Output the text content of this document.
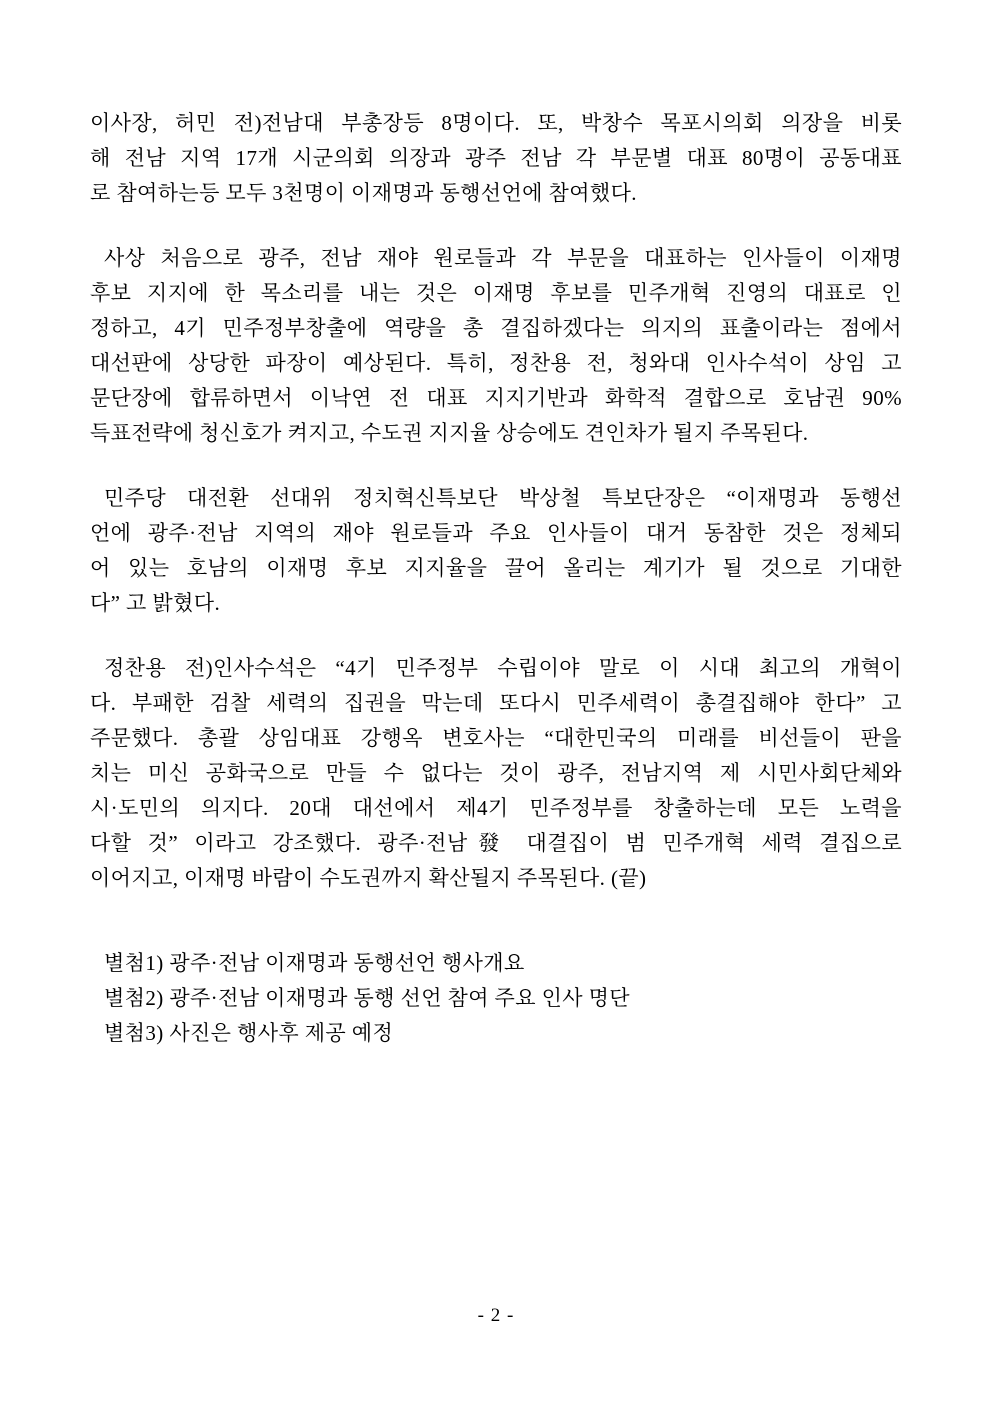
이사장, 허민 전)전남대 부총장등 8명이다. 또, 박창수 목포시의회 의장을 비롯
해 전남 지역 17개 시군의회 의장과 광주 전남 각 부문별 대표 80명이 공동대표
로 참여하는등 모두 3천명이 이재명과 동행선언에 참여했다.
사상 처음으로 광주, 전남 재야 원로들과 각 부문을 대표하는 인사들이 이재명
후보 지지에 한 목소리를 내는 것은 이재명 후보를 민주개혁 진영의 대표로 인
정하고, 4기 민주정부창출에 역량을 총 결집하겠다는 의지의 표출이라는 점에서
대선판에 상당한 파장이 예상된다. 특히, 정찬용 전, 청와대 인사수석이 상임 고
문단장에 합류하면서 이낙연 전 대표 지지기반과 화학적 결합으로 호남권 90%
득표전략에 청신호가 켜지고, 수도권 지지율 상승에도 견인차가 될지 주목된다.
민주당 대전환 선대위 정치혁신특보단 박상철 특보단장은 “이재명과 동행선
언에 광주·전남 지역의 재야 원로들과 주요 인사들이 대거 동참한 것은 정체되
어 있는 호남의 이재명 후보 지지율을 끌어 올리는 계기가 될 것으로 기대한
다” 고 밝혔다.
정찬용 전)인사수석은 “4기 민주정부 수립이야 말로 이 시대 최고의 개혁이
다. 부패한 검찰 세력의 집권을 막는데 또다시 민주세력이 총결집해야 한다” 고
주문했다. 총괄 상임대표 강행옥 변호사는 “대한민국의 미래를 비선들이 판을
치는 미신 공화국으로 만들 수 없다는 것이 광주, 전남지역 제 시민사회단체와
시·도민의 의지다. 20대 대선에서 제4기 민주정부를 창출하는데 모든 노력을
다할 것” 이라고 강조했다. 광주·전남發 대결집이 범 민주개혁 세력 결집으로
이어지고, 이재명 바람이 수도권까지 확산될지 주목된다. (끝)
별첨1) 광주·전남 이재명과 동행선언 행사개요
별첨2) 광주·전남 이재명과 동행 선언 참여 주요 인사 명단
별첨3) 사진은 행사후 제공 예정
- 2 -
